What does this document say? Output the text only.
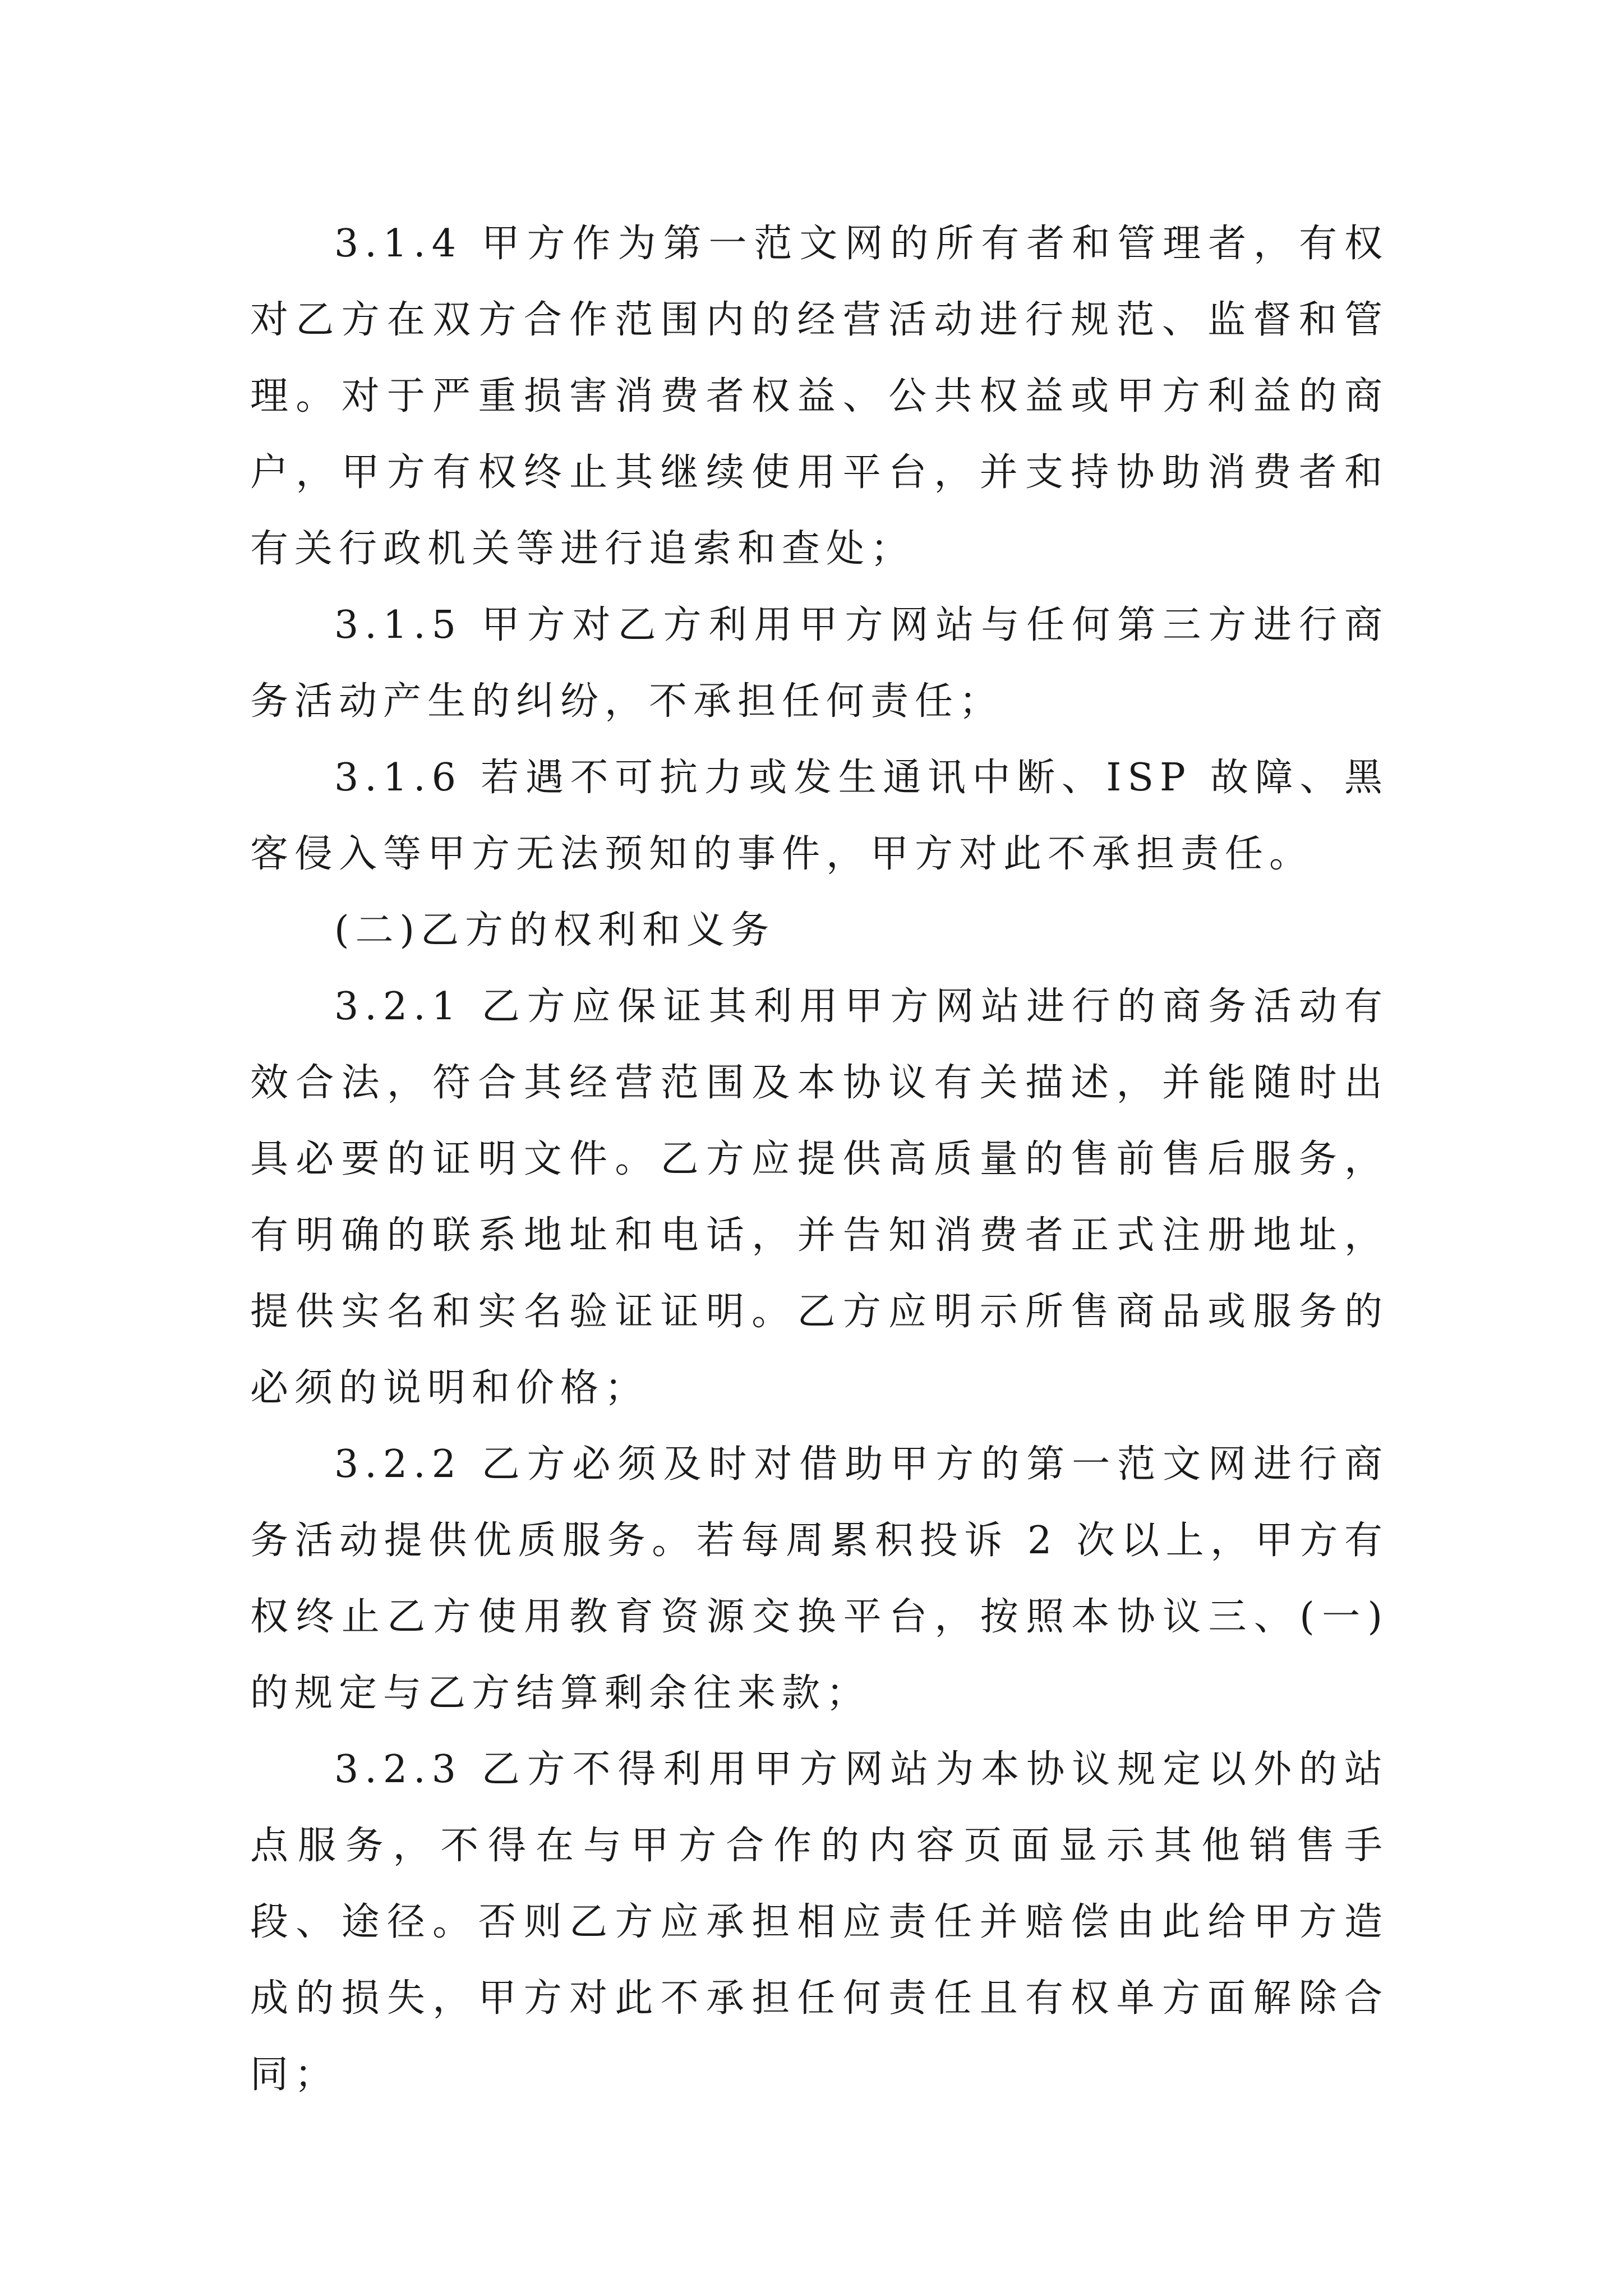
3.1.4 甲方作为第一范文网的所有者和管理者，有权对乙方在双方合作范围内的经营活动进行规范、监督和管理。对于严重损害消费者权益、公共权益或甲方利益的商户，甲方有权终止其继续使用平台，并支持协助消费者和有关行政机关等进行追索和查处；

3.1.5 甲方对乙方利用甲方网站与任何第三方进行商务活动产生的纠纷，不承担任何责任；

3.1.6 若遇不可抗力或发生通讯中断、ISP 故障、黑客侵入等甲方无法预知的事件，甲方对此不承担责任。

(二)乙方的权利和义务

3.2.1 乙方应保证其利用甲方网站进行的商务活动有效合法，符合其经营范围及本协议有关描述，并能随时出具必要的证明文件。乙方应提供高质量的售前售后服务，有明确的联系地址和电话，并告知消费者正式注册地址，提供实名和实名验证证明。乙方应明示所售商品或服务的必须的说明和价格；

3.2.2 乙方必须及时对借助甲方的第一范文网进行商务活动提供优质服务。若每周累积投诉 2 次以上，甲方有权终止乙方使用教育资源交换平台，按照本协议三、(一)的规定与乙方结算剩余往来款；

3.2.3 乙方不得利用甲方网站为本协议规定以外的站点服务，不得在与甲方合作的内容页面显示其他销售手段、途径。否则乙方应承担相应责任并赔偿由此给甲方造成的损失，甲方对此不承担任何责任且有权单方面解除合同；
